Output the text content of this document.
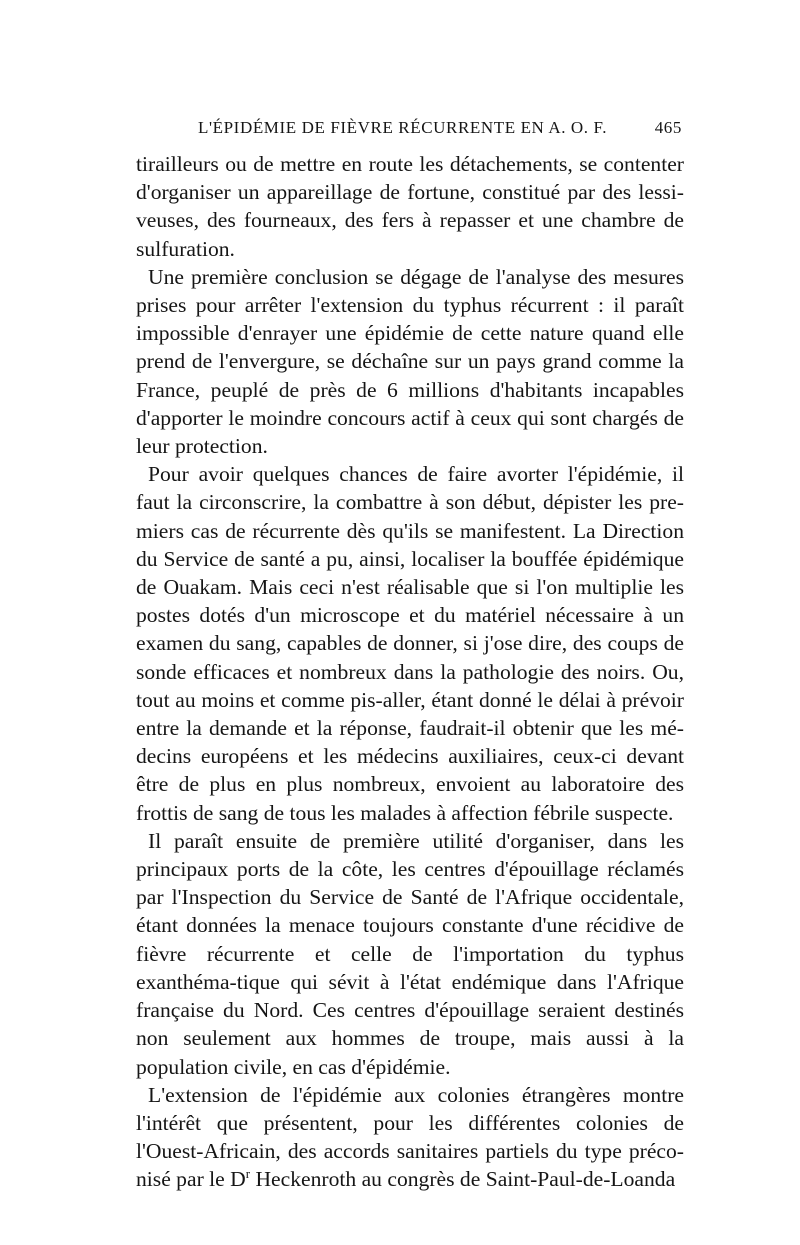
L'ÉPIDÉMIE DE FIÈVRE RÉCURRENTE EN A. O. F.	465

tirailleurs ou de mettre en route les détachements, se contenter d'organiser un appareillage de fortune, constitué par des lessi-veuses, des fourneaux, des fers à repasser et une chambre de sulfuration.

Une première conclusion se dégage de l'analyse des mesures prises pour arrêter l'extension du typhus récurrent : il paraît impossible d'enrayer une épidémie de cette nature quand elle prend de l'envergure, se déchaîne sur un pays grand comme la France, peuplé de près de 6 millions d'habitants incapables d'apporter le moindre concours actif à ceux qui sont chargés de leur protection.

Pour avoir quelques chances de faire avorter l'épidémie, il faut la circonscrire, la combattre à son début, dépister les pre-miers cas de récurrente dès qu'ils se manifestent. La Direction du Service de santé a pu, ainsi, localiser la bouffée épidémique de Ouakam. Mais ceci n'est réalisable que si l'on multiplie les postes dotés d'un microscope et du matériel nécessaire à un examen du sang, capables de donner, si j'ose dire, des coups de sonde efficaces et nombreux dans la pathologie des noirs. Ou, tout au moins et comme pis-aller, étant donné le délai à prévoir entre la demande et la réponse, faudrait-il obtenir que les mé-decins européens et les médecins auxiliaires, ceux-ci devant être de plus en plus nombreux, envoient au laboratoire des frottis de sang de tous les malades à affection fébrile suspecte.

Il paraît ensuite de première utilité d'organiser, dans les principaux ports de la côte, les centres d'épouillage réclamés par l'Inspection du Service de Santé de l'Afrique occidentale, étant données la menace toujours constante d'une récidive de fièvre récurrente et celle de l'importation du typhus exanthéma-tique qui sévit à l'état endémique dans l'Afrique française du Nord. Ces centres d'épouillage seraient destinés non seulement aux hommes de troupe, mais aussi à la population civile, en cas d'épidémie.

L'extension de l'épidémie aux colonies étrangères montre l'intérêt que présentent, pour les différentes colonies de l'Ouest-Africain, des accords sanitaires partiels du type préco-nisé par le $D^r$ Heckenroth au congrès de Saint-Paul-de-Loanda
